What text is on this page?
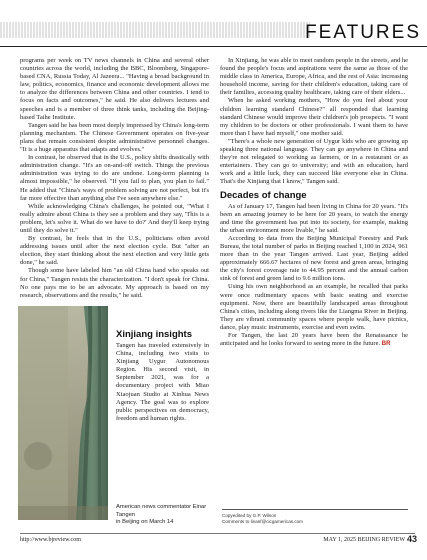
FEATURES

programs per week on TV news channels in China and several other countries across the world, including the BBC, Bloomberg, Singapore-based CNA, Russia Today, Al Jazeera... "Having a broad background in law, politics, economics, finance and economic development allows me to analyze the differences between China and other countries. I tend to focus on facts and outcomes," he said. He also delivers lectures and speeches and is a member of three think tanks, including the Beijing-based Taihe Institute.

Tangen said he has been most deeply impressed by China's long-term planning mechanism. The Chinese Government operates on five-year plans that remain consistent despite administrative personnel changes. "It is a huge apparatus that adapts and evolves."

In contrast, he observed that in the U.S., policy shifts drastically with administration change. "It's an on-and-off switch. Things the previous administration was trying to do are undone. Long-term planning is almost impossible," he observed. "If you fail to plan, you plan to fail." He added that "China's ways of problem solving are not perfect, but it's far more effective than anything else I've seen anywhere else."

While acknowledging China's challenges, he pointed out, "What I really admire about China is they see a problem and they say, 'This is a problem, let's solve it. What do we have to do?' And they'll keep trying until they do solve it."

By contrast, he feels that in the U.S., politicians often avoid addressing issues until after the next election cycle. But "after an election, they start thinking about the next election and very little gets done," he said.

Though some have labeled him "an old China hand who speaks out for China," Tangen resists the characterization. "I don't speak for China. No one pays me to be an advocate. My approach is based on my research, observations and the results," he said.

Xinjiang insights

Tangen has traveled extensively in China, including two visits to Xinjiang Uygur Autonomous Region. His second visit, in September 2021, was for a documentary project with Miao Xiaojuan Studio at Xinhua News Agency. The goal was to explore public perspectives on democracy, freedom and human rights.

American news commentator Einar Tangen
in Beijing on March 14

In Xinjiang, he was able to meet random people in the streets, and he found the people's focus and aspirations were the same as those of the middle class in America, Europe, Africa, and the rest of Asia: increasing household income, saving for their children's education, taking care of their families, accessing quality healthcare, taking care of their elders...

When he asked working mothers, "How do you feel about your children learning standard Chinese?" all responded that learning standard Chinese would improve their children's job prospects. "I want my children to be doctors or other professionals. I want them to have more than I have had myself," one mother said.

"There's a whole new generation of Uygur kids who are growing up speaking three national language. They can go anywhere in China and they're not relegated to working as farmers, or in a restaurant or as entertainers. They can go to university; and with an education, hard work and a little luck, they can succeed like everyone else in China. That's the Xinjiang that I know," Tangen said.

Decades of change

As of January 17, Tangen had been living in China for 20 years. "It's been an amazing journey to be here for 20 years, to watch the energy and time the government has put into its society, for example, making the urban environment more livable," he said.

According to data from the Beijing Municipal Forestry and Park Bureau, the total number of parks in Beijing reached 1,100 in 2024, 961 more than in the year Tangen arrived. Last year, Beijing added approximately 666.67 hectares of new forest and green areas, bringing the city's forest coverage rate to 44.95 percent and the annual carbon sink of forest and green land to 9.6 million tons.

Using his own neighborhood as an example, he recalled that parks were once rudimentary spaces with basic seating and exercise equipment. Now, there are beautifully landscaped areas throughout China's cities, including along rivers like the Liangma River in Beijing. They are vibrant community spaces where people walk, have picnics, dance, play music instruments, exercise and even swim.

For Tangen, the last 20 years have been the Renaissance he anticipated and he looks forward to seeing more in the future. BR

Copyedited by G.P. Wilson
Comments to linanf@cicgamericas.com
http://www.bjreview.com	MAY 1, 2025 BEIJING REVIEW 43
